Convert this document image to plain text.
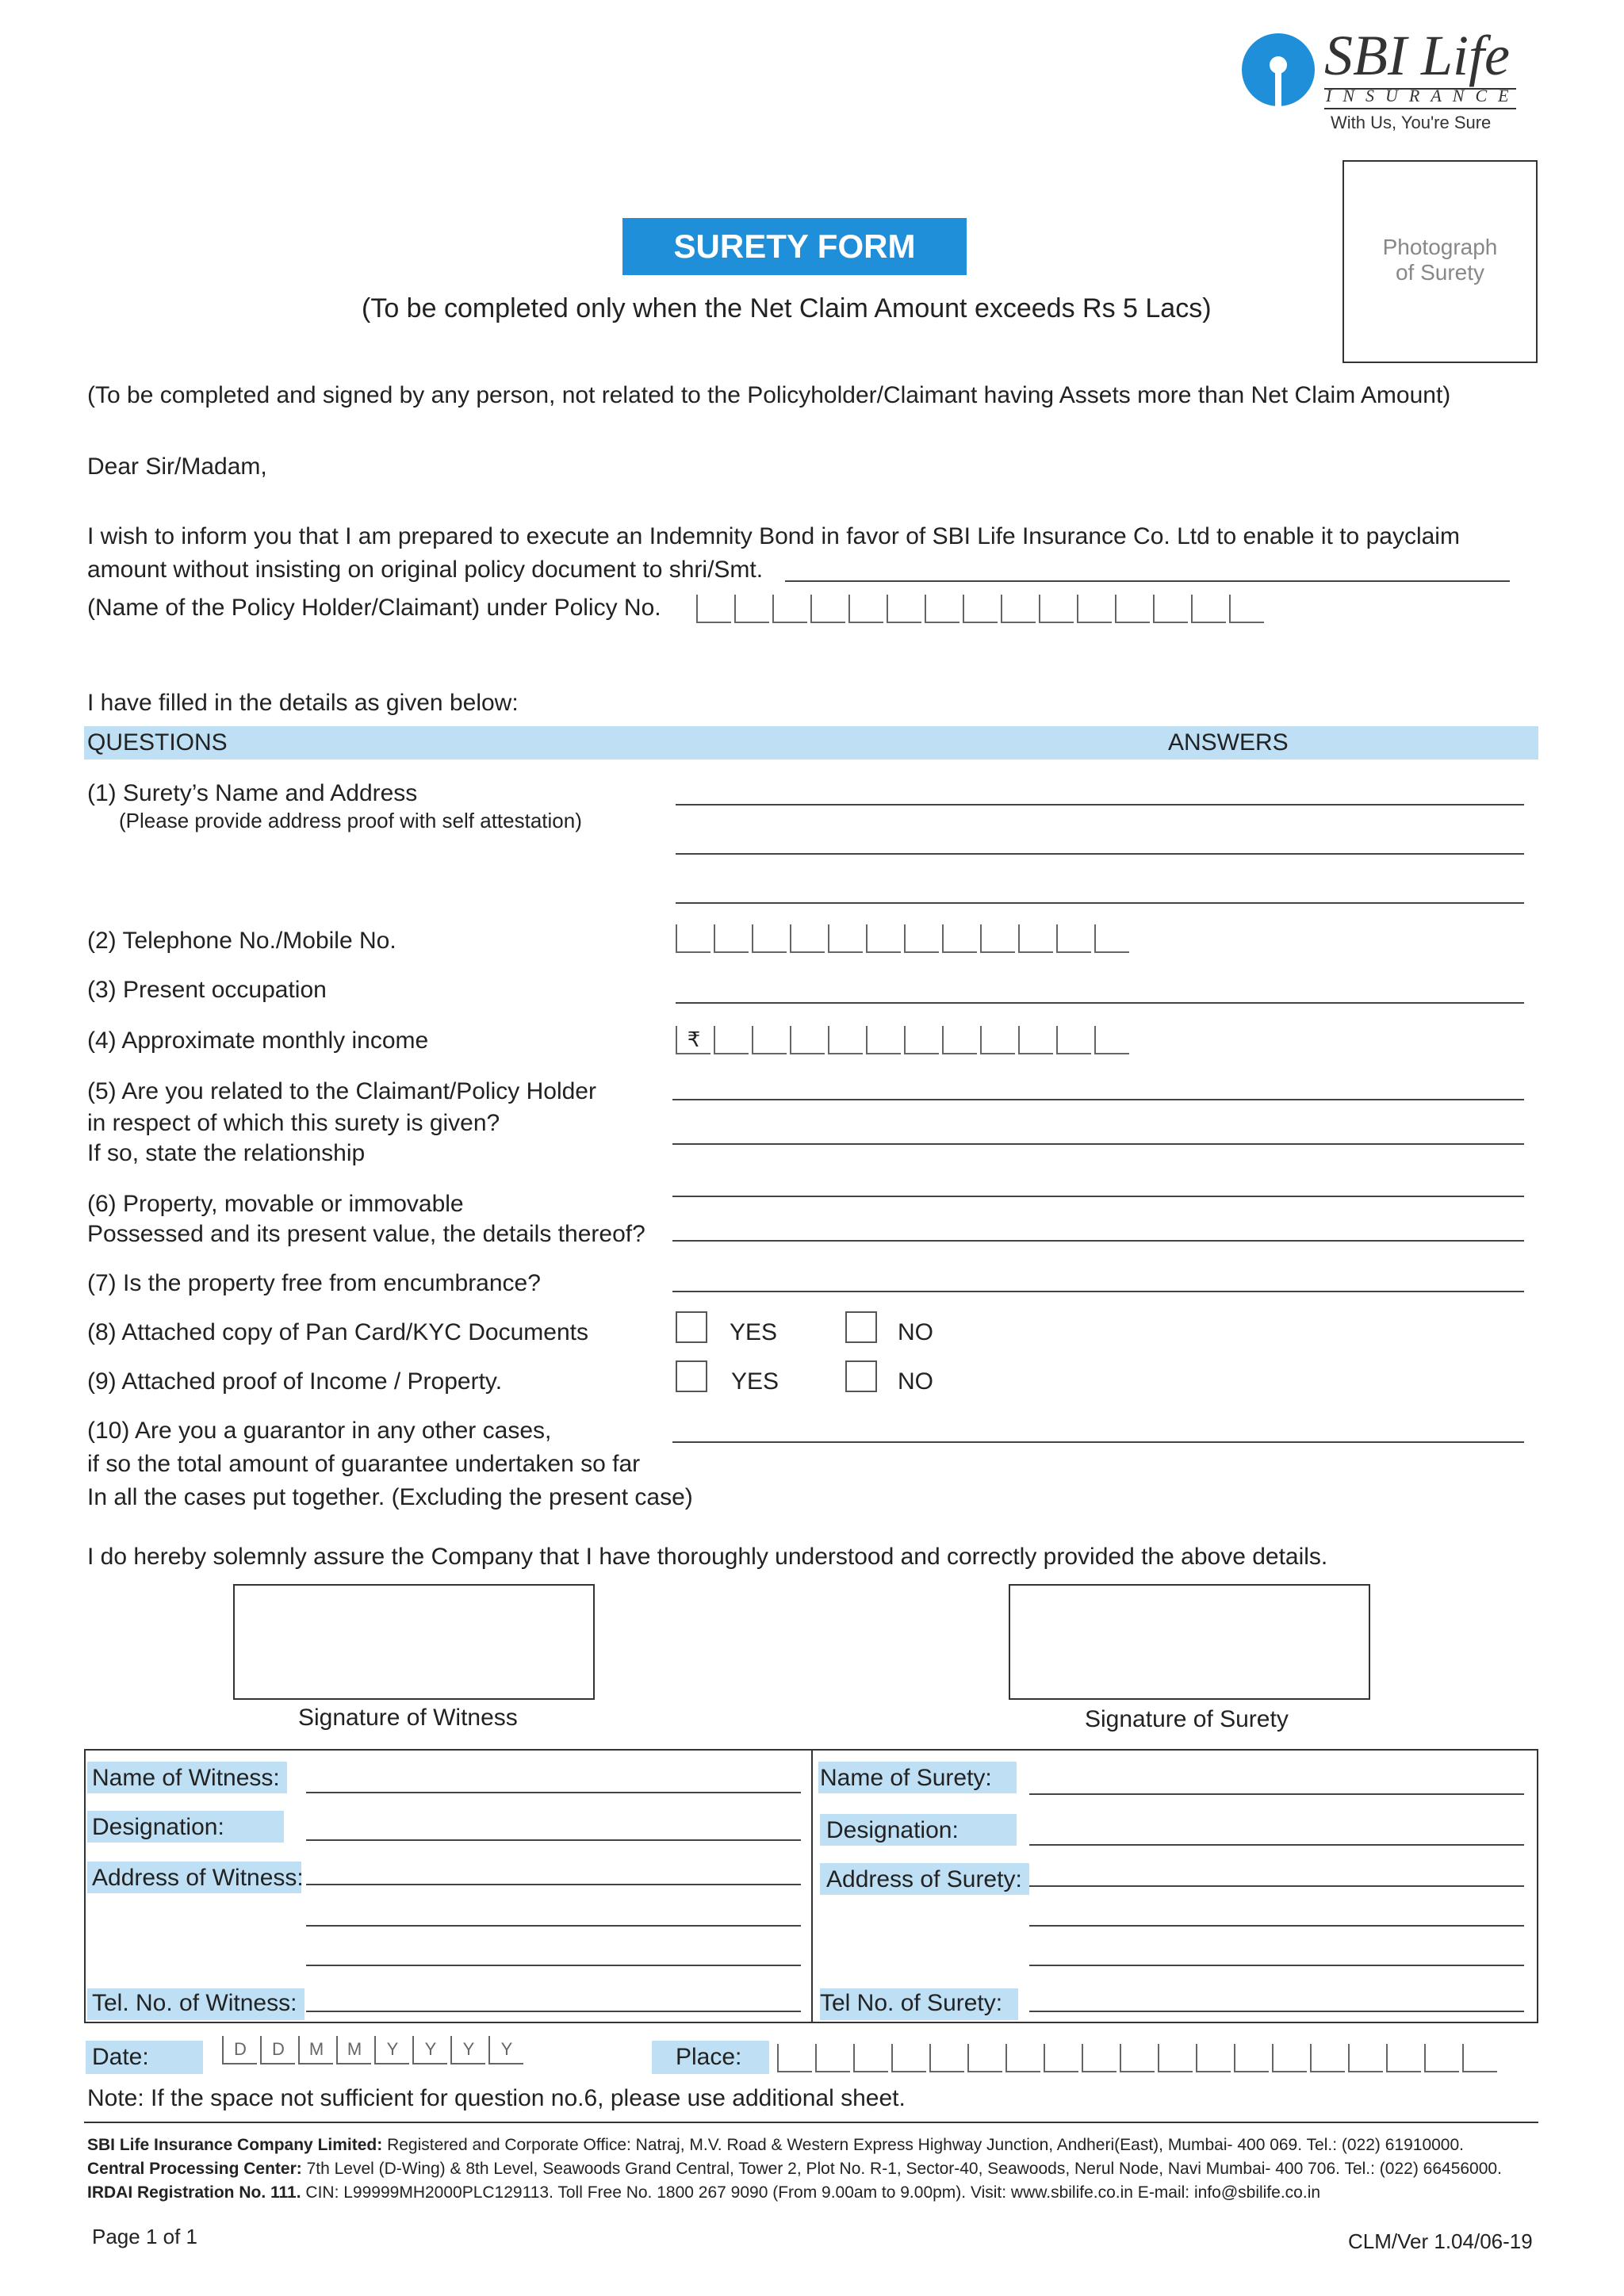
SBI Life
INSURANCE
With Us, You're Sure
Photograph
of Surety
SURETY FORM
(To be completed only when the Net Claim Amount exceeds Rs 5 Lacs)
(To be completed and signed by any person, not related to the Policyholder/Claimant having Assets more than Net Claim Amount)
Dear Sir/Madam,
I wish to inform you that I am prepared to execute an Indemnity Bond in favor of SBI Life Insurance Co. Ltd to enable it to payclaim
amount without insisting on original policy document to shri/Smt.
(Name of the Policy Holder/Claimant) under Policy No.
I have filled in the details as given below:
QUESTIONS	ANSWERS
(1) Surety’s Name and Address
(Please provide address proof with self attestation)
(2) Telephone No./Mobile No.
(3) Present occupation
(4) Approximate monthly income	₹
(5) Are you related to the Claimant/Policy Holder
in respect of which this surety is given?
If so, state the relationship
(6) Property, movable or immovable
Possessed and its present value, the details thereof?
(7) Is the property free from encumbrance?
(8) Attached copy of Pan Card/KYC Documents	YES	NO
(9) Attached proof of Income / Property.	YES	NO
(10) Are you a guarantor in any other cases,
if so the total amount of guarantee undertaken so far
In all the cases put together. (Excluding the present case)
I do hereby solemnly assure the Company that I have thoroughly understood and correctly provided the above details.
Signature of Witness	Signature of Surety
Name of Witness:
Designation:
Address of Witness:
Tel. No. of Witness:
Name of Surety:
Designation:
Address of Surety:
Tel No. of Surety:
Date:	D	D	M	M	Y	Y	Y	Y	Place:
Note: If the space not sufficient for question no.6, please use additional sheet.
SBI Life Insurance Company Limited: Registered and Corporate Office: Natraj, M.V. Road & Western Express Highway Junction, Andheri(East), Mumbai- 400 069. Tel.: (022) 61910000.
Central Processing Center: 7th Level (D-Wing) & 8th Level, Seawoods Grand Central, Tower 2, Plot No. R-1, Sector-40, Seawoods, Nerul Node, Navi Mumbai- 400 706. Tel.: (022) 66456000.
IRDAI Registration No. 111. CIN: L99999MH2000PLC129113. Toll Free No. 1800 267 9090 (From 9.00am to 9.00pm). Visit: www.sbilife.co.in E-mail: info@sbilife.co.in
Page 1 of 1	CLM/Ver 1.04/06-19
